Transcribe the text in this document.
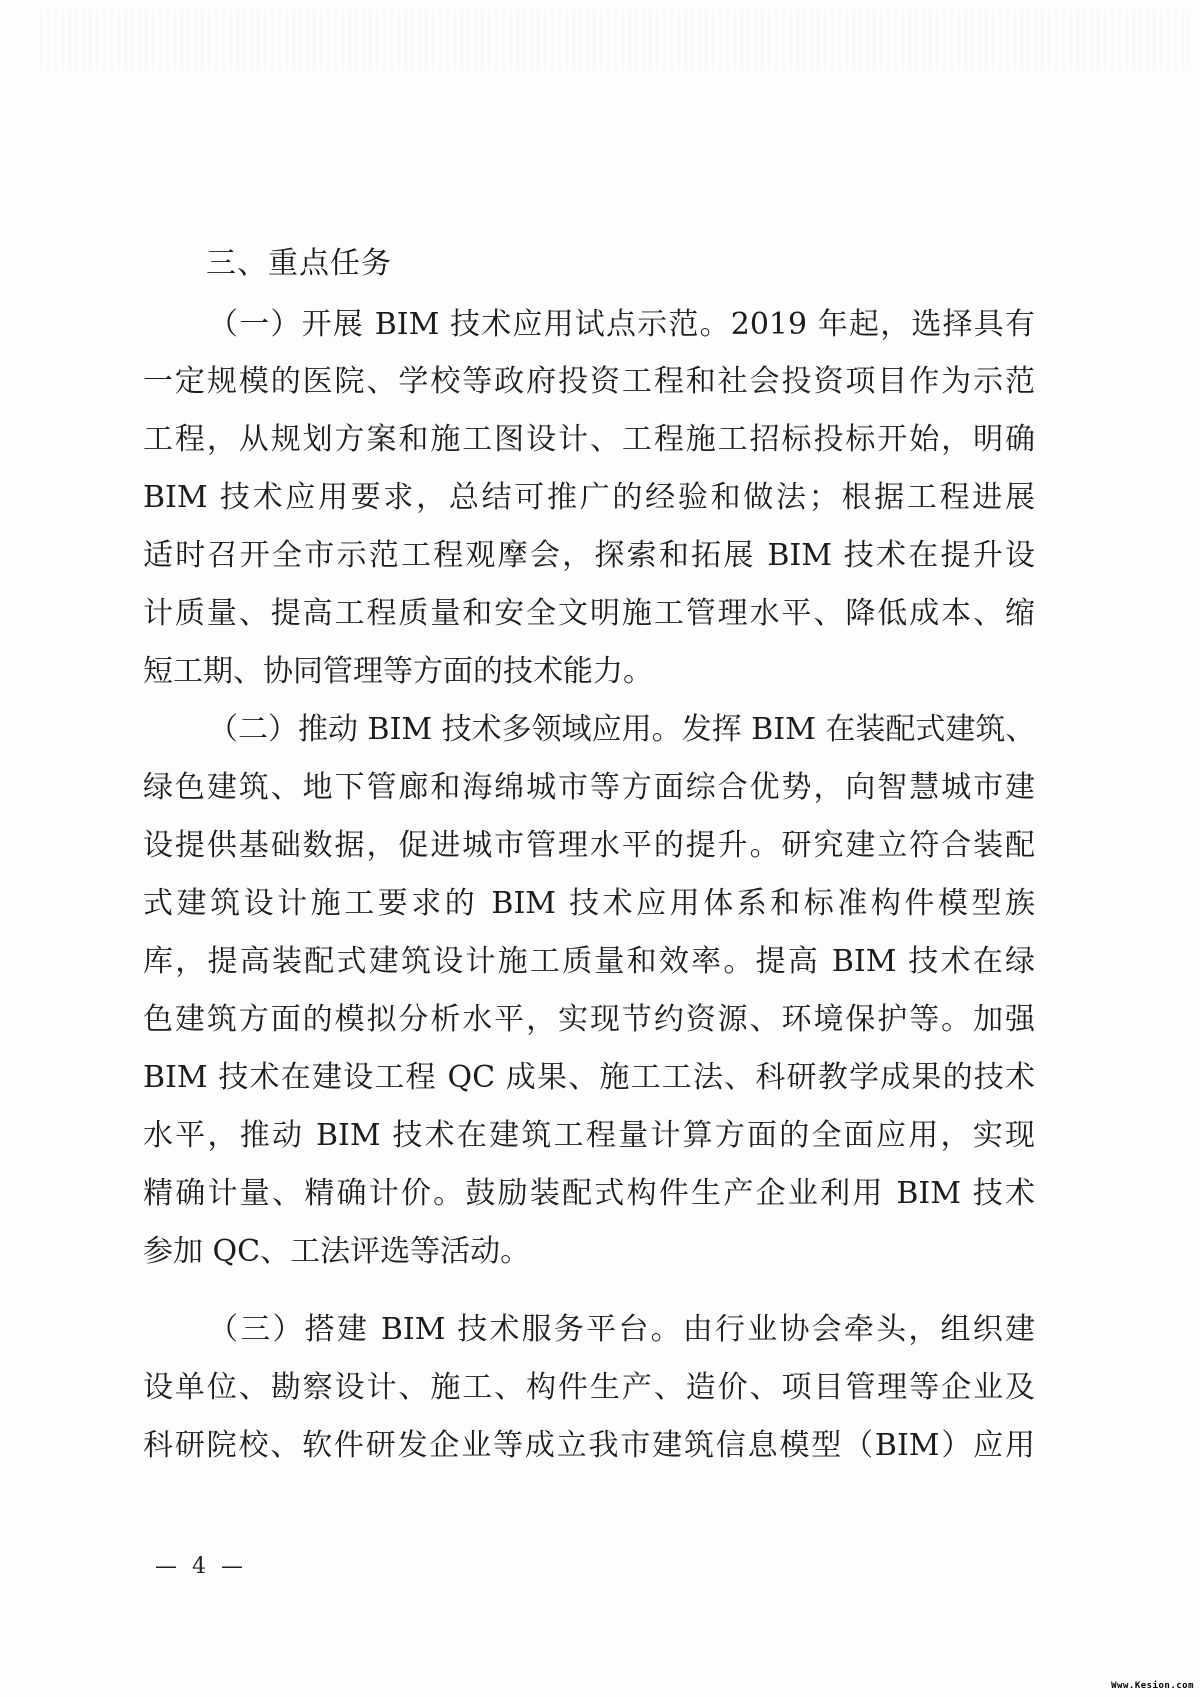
三、重点任务
（一）开展 BIM 技术应用试点示范。2019 年起，选择具有
一定规模的医院、学校等政府投资工程和社会投资项目作为示范
工程，从规划方案和施工图设计、工程施工招标投标开始，明确
BIM 技术应用要求，总结可推广的经验和做法；根据工程进展
适时召开全市示范工程观摩会，探索和拓展 BIM 技术在提升设
计质量、提高工程质量和安全文明施工管理水平、降低成本、缩
短工期、协同管理等方面的技术能力。
（二）推动 BIM 技术多领域应用。发挥 BIM 在装配式建筑、
绿色建筑、地下管廊和海绵城市等方面综合优势，向智慧城市建
设提供基础数据，促进城市管理水平的提升。研究建立符合装配
式建筑设计施工要求的 BIM 技术应用体系和标准构件模型族
库，提高装配式建筑设计施工质量和效率。提高 BIM 技术在绿
色建筑方面的模拟分析水平，实现节约资源、环境保护等。加强
BIM 技术在建设工程 QC 成果、施工工法、科研教学成果的技术
水平，推动 BIM 技术在建筑工程量计算方面的全面应用，实现
精确计量、精确计价。鼓励装配式构件生产企业利用 BIM 技术
参加 QC、工法评选等活动。
（三）搭建 BIM 技术服务平台。由行业协会牵头，组织建
设单位、勘察设计、施工、构件生产、造价、项目管理等企业及
科研院校、软件研发企业等成立我市建筑信息模型（BIM）应用
— 4 —
Www.Kesion.com
